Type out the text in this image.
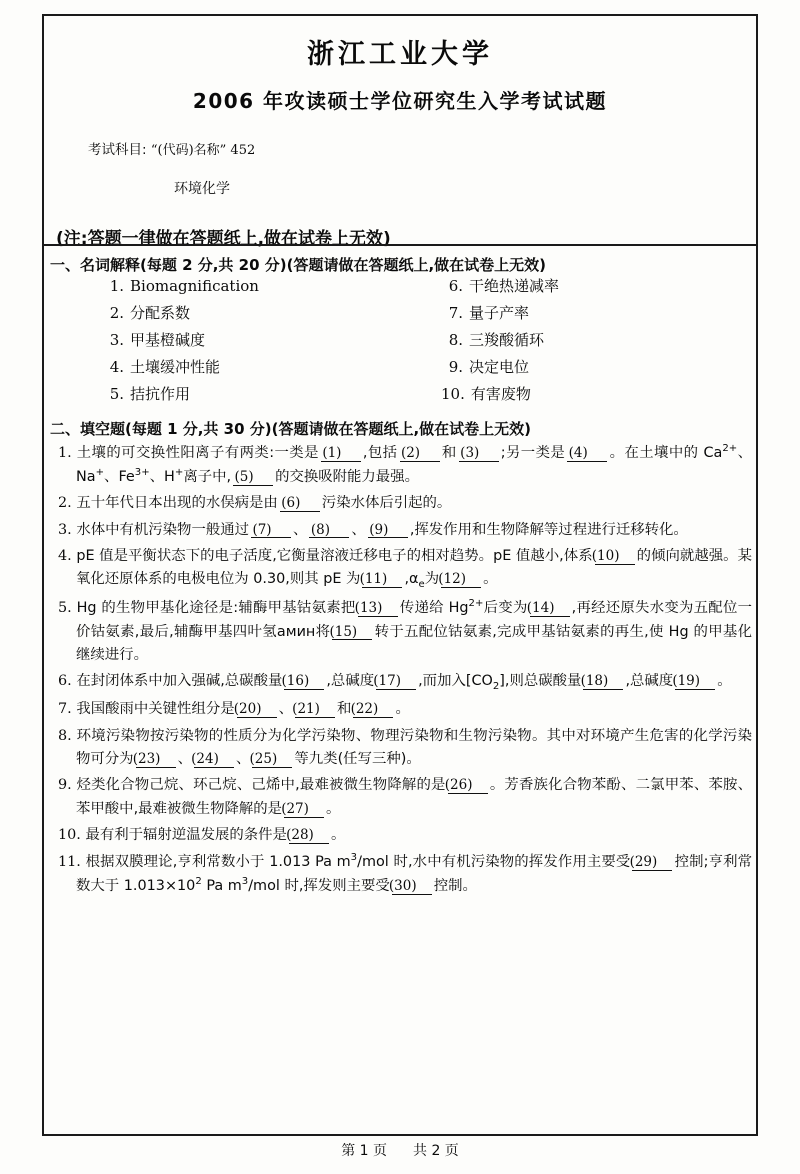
浙江工业大学
2006 年攻读硕士学位研究生入学考试试题
考试科目: “(代码)名称” 452
环境化学
(注:答题一律做在答题纸上,做在试卷上无效)
一、名词解释(每题 2 分,共 20 分)(答题请做在答题纸上,做在试卷上无效)
1. Biomagnification
2. 分配系数
3. 甲基橙碱度
4. 土壤缓冲性能
5. 拮抗作用
6. 干绝热递减率
7. 量子产率
8. 三羧酸循环
9. 决定电位
10. 有害废物
二、填空题(每题 1 分,共 30 分)(答题请做在答题纸上,做在试卷上无效)
1. 土壤的可交换性阳离子有两类:一类是 (1) ,包括 (2) 和 (3) ;另一类是 (4) 。在土壤中的 $Ca^{2+}$、Na+、$Fe^{3+}$、H+离子中, (5) 的交换吸附能力最强。
2. 五十年代日本出现的水俣病是由 (6) 污染水体后引起的。
3. 水体中有机污染物一般通过 (7) 、 (8) 、 (9) ,挥发作用和生物降解等过程进行迁移转化。
4. pE 值是平衡状态下的电子活度,它衡量溶液迁移电子的相对趋势。pE 值越小,体系(10) 的倾向就越强。某氧化还原体系的电极电位为 0.30,则其 pE 为(11) $,\alpha_e$为(12) 。
5. Hg 的生物甲基化途径是:辅酶甲基钴氨素把(13) 传递给 $Hg^{2+}$后变为(14) ,再经还原失水变为五配位一价钴氨素,最后,辅酶甲基四叶氢амин将(15) 转于五配位钴氨素,完成甲基钴氨素的再生,使 Hg 的甲基化继续进行。
6. 在封闭体系中加入强碱,总碳酸量(16) ,总碱度(17) ,而加入$[CO_2]$,则总碳酸量(18) ,总碱度(19) 。
7. 我国酸雨中关键性组分是(20) 、(21) 和(22) 。
8. 环境污染物按污染物的性质分为化学污染物、物理污染物和生物污染物。其中对环境产生危害的化学污染物可分为(23) 、(24) 、(25) 等九类(任写三种)。
9. 烃类化合物己烷、环己烷、己烯中,最难被微生物降解的是(26) 。芳香族化合物苯酚、二氯甲苯、苯胺、苯甲酸中,最难被微生物降解的是(27) 。
10. 最有利于辐射逆温发展的条件是(28) 。
11. 根据双膜理论,亨利常数小于 1.013 Pa $m^3$/mol 时,水中有机污染物的挥发作用主要受(29) 控制;亨利常数大于 $1.013\times 10^2$ Pa $m^3$/mol 时,挥发则主要受(30) 控制。
第 1 页 共 2 页
